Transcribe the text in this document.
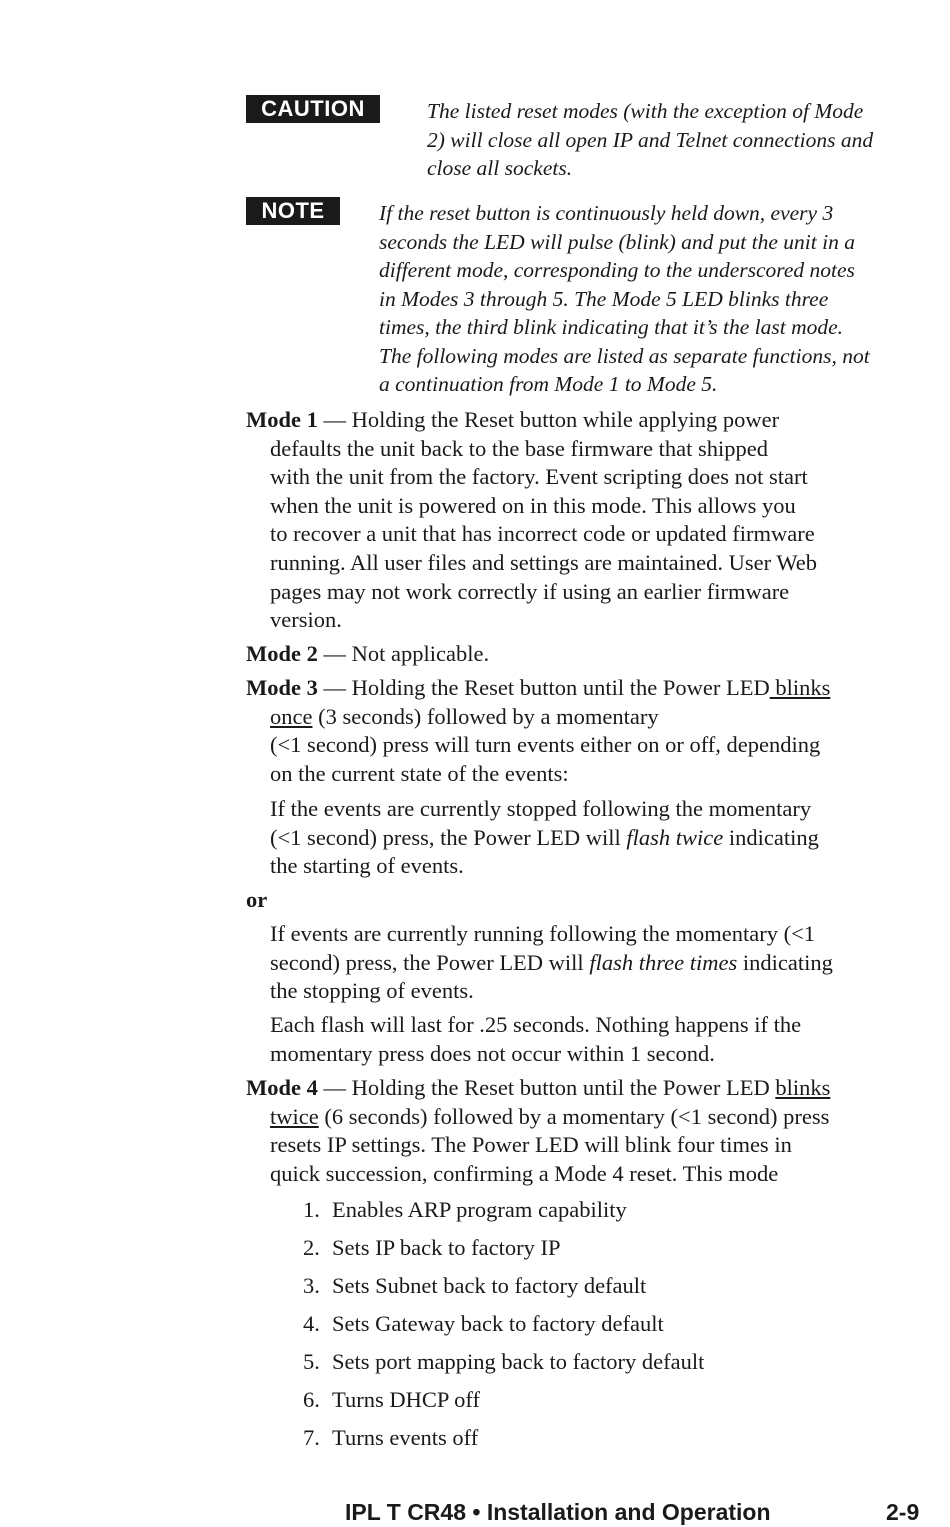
CAUTION	The listed reset modes (with the exception of Mode
2) will close all open IP and Telnet connections and
close all sockets.
NOTE	If the reset button is continuously held down, every 3
seconds the LED will pulse (blink) and put the unit in a
different mode, corresponding to the underscored notes
in Modes 3 through 5. The Mode 5 LED blinks three
times, the third blink indicating that it’s the last mode.
The following modes are listed as separate functions, not
a continuation from Mode 1 to Mode 5.
Mode 1 — Holding the Reset button while applying power
defaults the unit back to the base firmware that shipped
with the unit from the factory. Event scripting does not start
when the unit is powered on in this mode. This allows you
to recover a unit that has incorrect code or updated firmware
running. All user files and settings are maintained. User Web
pages may not work correctly if using an earlier firmware
version.
Mode 2 — Not applicable.
Mode 3 — Holding the Reset button until the Power LED blinks
once (3 seconds) followed by a momentary
(<1 second) press will turn events either on or off, depending
on the current state of the events:
If the events are currently stopped following the momentary
(<1 second) press, the Power LED will flash twice indicating
the starting of events.
or
If events are currently running following the momentary (<1
second) press, the Power LED will flash three times indicating
the stopping of events.
Each flash will last for .25 seconds. Nothing happens if the
momentary press does not occur within 1 second.
Mode 4 — Holding the Reset button until the Power LED blinks
twice (6 seconds) followed by a momentary (<1 second) press
resets IP settings. The Power LED will blink four times in
quick succession, confirming a Mode 4 reset. This mode
1. Enables ARP program capability
2. Sets IP back to factory IP
3. Sets Subnet back to factory default
4. Sets Gateway back to factory default
5. Sets port mapping back to factory default
6. Turns DHCP off
7. Turns events off
IPL T CR48 • Installation and Operation	2-9
